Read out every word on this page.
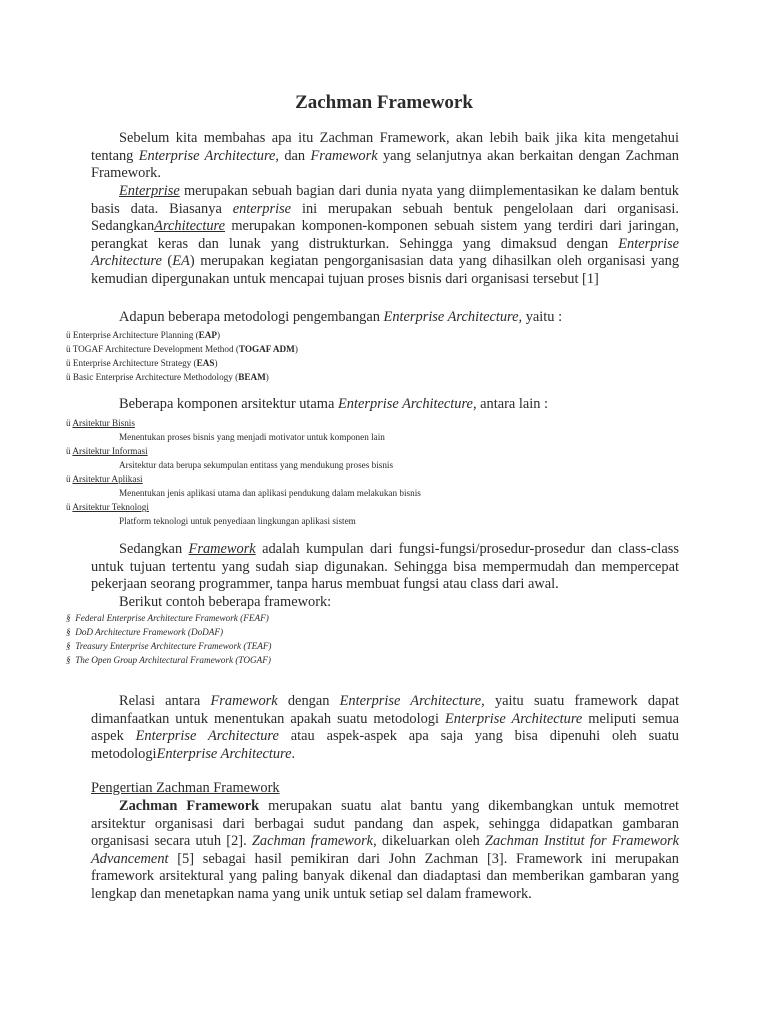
Zachman Framework

Sebelum kita membahas apa itu Zachman Framework, akan lebih baik jika kita mengetahui tentang Enterprise Architecture, dan Framework yang selanjutnya akan berkaitan dengan Zachman Framework.

Enterprise merupakan sebuah bagian dari dunia nyata yang diimplementasikan ke dalam bentuk basis data. Biasanya enterprise ini merupakan sebuah bentuk pengelolaan dari organisasi. SedangkanArchitecture merupakan komponen-komponen sebuah sistem yang terdiri dari jaringan, perangkat keras dan lunak yang distrukturkan. Sehingga yang dimaksud dengan Enterprise Architecture (EA) merupakan kegiatan pengorganisasian data yang dihasilkan oleh organisasi yang kemudian dipergunakan untuk mencapai tujuan proses bisnis dari organisasi tersebut [1]

Adapun beberapa metodologi pengembangan Enterprise Architecture, yaitu :

ü Enterprise Architecture Planning (EAP)
ü TOGAF Architecture Development Method (TOGAF ADM)
ü Enterprise Architecture Strategy (EAS)
ü Basic Enterprise Architecture Methodology (BEAM)

Beberapa komponen arsitektur utama Enterprise Architecture, antara lain :

ü Arsitektur Bisnis
Menentukan proses bisnis yang menjadi motivator untuk komponen lain
ü Arsitektur Informasi
Arsitektur data berupa sekumpulan entitass yang mendukung proses bisnis
ü Arsitektur Aplikasi
Menentukan jenis aplikasi utama dan aplikasi pendukung dalam melakukan bisnis
ü Arsitektur Teknologi
Platform teknologi untuk penyediaan lingkungan aplikasi sistem

Sedangkan Framework adalah kumpulan dari fungsi-fungsi/prosedur-prosedur dan class-class untuk tujuan tertentu yang sudah siap digunakan. Sehingga bisa mempermudah dan mempercepat pekerjaan seorang programmer, tanpa harus membuat fungsi atau class dari awal.

Berikut contoh beberapa framework:

§ Federal Enterprise Architecture Framework (FEAF)
§ DoD Architecture Framework (DoDAF)
§ Treasury Enterprise Architecture Framework (TEAF)
§ The Open Group Architectural Framework (TOGAF)

Relasi antara Framework dengan Enterprise Architecture, yaitu suatu framework dapat dimanfaatkan untuk menentukan apakah suatu metodologi Enterprise Architecture meliputi semua aspek Enterprise Architecture atau aspek-aspek apa saja yang bisa dipenuhi oleh suatu metodologiEnterprise Architecture.

Pengertian Zachman Framework

Zachman Framework merupakan suatu alat bantu yang dikembangkan untuk memotret arsitektur organisasi dari berbagai sudut pandang dan aspek, sehingga didapatkan gambaran organisasi secara utuh [2]. Zachman framework, dikeluarkan oleh Zachman Institut for Framework Advancement [5] sebagai hasil pemikiran dari John Zachman [3]. Framework ini merupakan framework arsitektural yang paling banyak dikenal dan diadaptasi dan memberikan gambaran yang lengkap dan menetapkan nama yang unik untuk setiap sel dalam framework.
